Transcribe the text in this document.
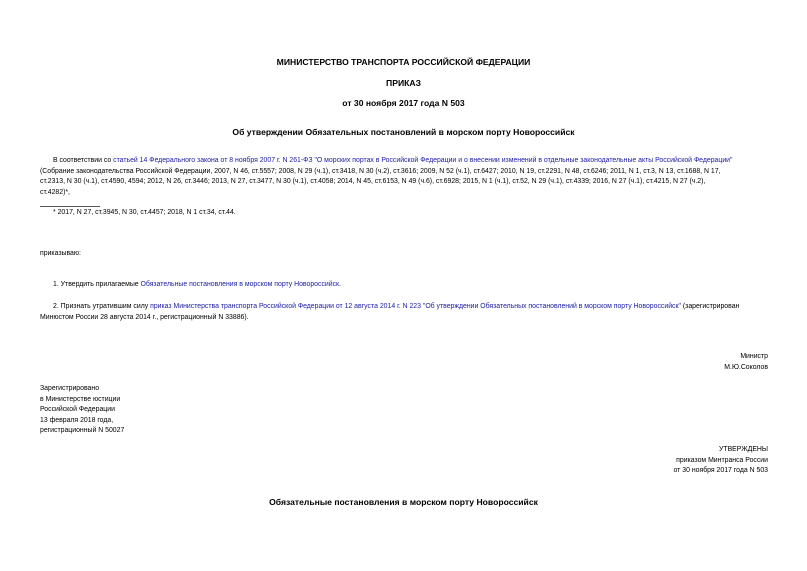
МИНИСТЕРСТВО ТРАНСПОРТА РОССИЙСКОЙ ФЕДЕРАЦИИ
ПРИКАЗ
от 30 ноября 2017 года N 503
Об утверждении Обязательных постановлений в морском порту Новороссийск
В соответствии со статьей 14 Федерального закона от 8 ноября 2007 г. N 261-ФЗ "О морских портах в Российской Федерации и о внесении изменений в отдельные законодательные акты Российской Федерации"
(Собрание законодательства Российской Федерации, 2007, N 46, ст.5557; 2008, N 29 (ч.1), ст.3418, N 30 (ч.2), ст.3616; 2009, N 52 (ч.1), ст.6427; 2010, N 19, ст.2291, N 48, ст.6246; 2011, N 1, ст.3, N 13, ст.1688, N 17,
ст.2313, N 30 (ч.1), ст.4590, 4594; 2012, N 26, ст.3446; 2013, N 27, ст.3477, N 30 (ч.1), ст.4058; 2014, N 45, ст.6153, N 49 (ч.6), ст.6928; 2015, N 1 (ч.1), ст.52, N 29 (ч.1), ст.4339; 2016, N 27 (ч.1), ст.4215, N 27 (ч.2),
ст.4282)*,
* 2017, N 27, ст.3945, N 30, ст.4457; 2018, N 1 ст.34, ст.44.
приказываю:
1. Утвердить прилагаемые Обязательные постановления в морском порту Новороссийск.
2. Признать утратившим силу приказ Министерства транспорта Российской Федерации от 12 августа 2014 г. N 223 "Об утверждении Обязательных постановлений в морском порту Новороссийск" (зарегистрирован
Минюстом России 28 августа 2014 г., регистрационный N 33886).
Министр
М.Ю.Соколов
Зарегистрировано
в Министерстве юстиции
Российской Федерации
13 февраля 2018 года,
регистрационный N 50027
УТВЕРЖДЕНЫ
приказом Минтранса России
от 30 ноября 2017 года N 503
Обязательные постановления в морском порту Новороссийск
